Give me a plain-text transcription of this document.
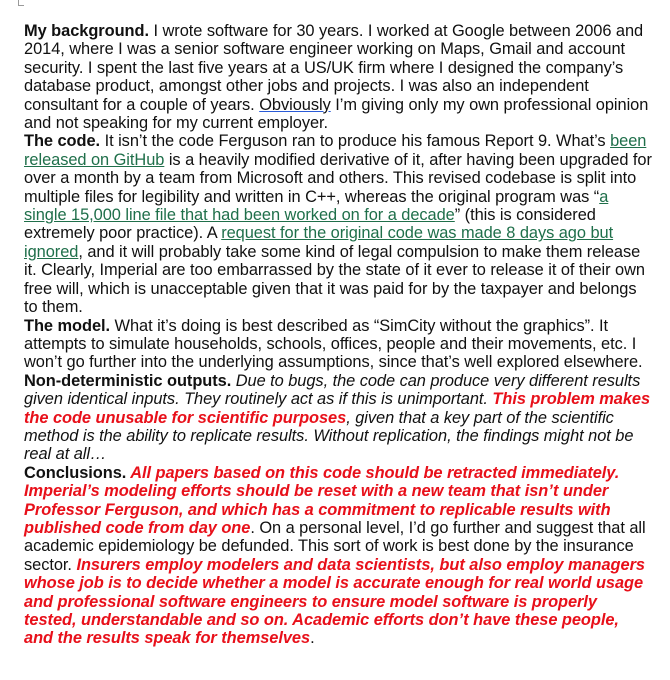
My background. I wrote software for 30 years. I worked at Google between 2006 and 2014, where I was a senior software engineer working on Maps, Gmail and account security. I spent the last five years at a US/UK firm where I designed the company’s database product, amongst other jobs and projects. I was also an independent consultant for a couple of years. Obviously I’m giving only my own professional opinion and not speaking for my current employer.

The code. It isn’t the code Ferguson ran to produce his famous Report 9. What’s been released on GitHub is a heavily modified derivative of it, after having been upgraded for over a month by a team from Microsoft and others. This revised codebase is split into multiple files for legibility and written in C++, whereas the original program was “a single 15,000 line file that had been worked on for a decade” (this is considered extremely poor practice). A request for the original code was made 8 days ago but ignored, and it will probably take some kind of legal compulsion to make them release it. Clearly, Imperial are too embarrassed by the state of it ever to release it of their own free will, which is unacceptable given that it was paid for by the taxpayer and belongs to them.

The model. What it’s doing is best described as “SimCity without the graphics”. It attempts to simulate households, schools, offices, people and their movements, etc. I won’t go further into the underlying assumptions, since that’s well explored elsewhere.

Non-deterministic outputs. Due to bugs, the code can produce very different results given identical inputs. They routinely act as if this is unimportant. This problem makes the code unusable for scientific purposes, given that a key part of the scientific method is the ability to replicate results. Without replication, the findings might not be real at all…

Conclusions. All papers based on this code should be retracted immediately. Imperial’s modeling efforts should be reset with a new team that isn’t under Professor Ferguson, and which has a commitment to replicable results with published code from day one. On a personal level, I’d go further and suggest that all academic epidemiology be defunded. This sort of work is best done by the insurance sector. Insurers employ modelers and data scientists, but also employ managers whose job is to decide whether a model is accurate enough for real world usage and professional software engineers to ensure model software is properly tested, understandable and so on. Academic efforts don’t have these people, and the results speak for themselves.
